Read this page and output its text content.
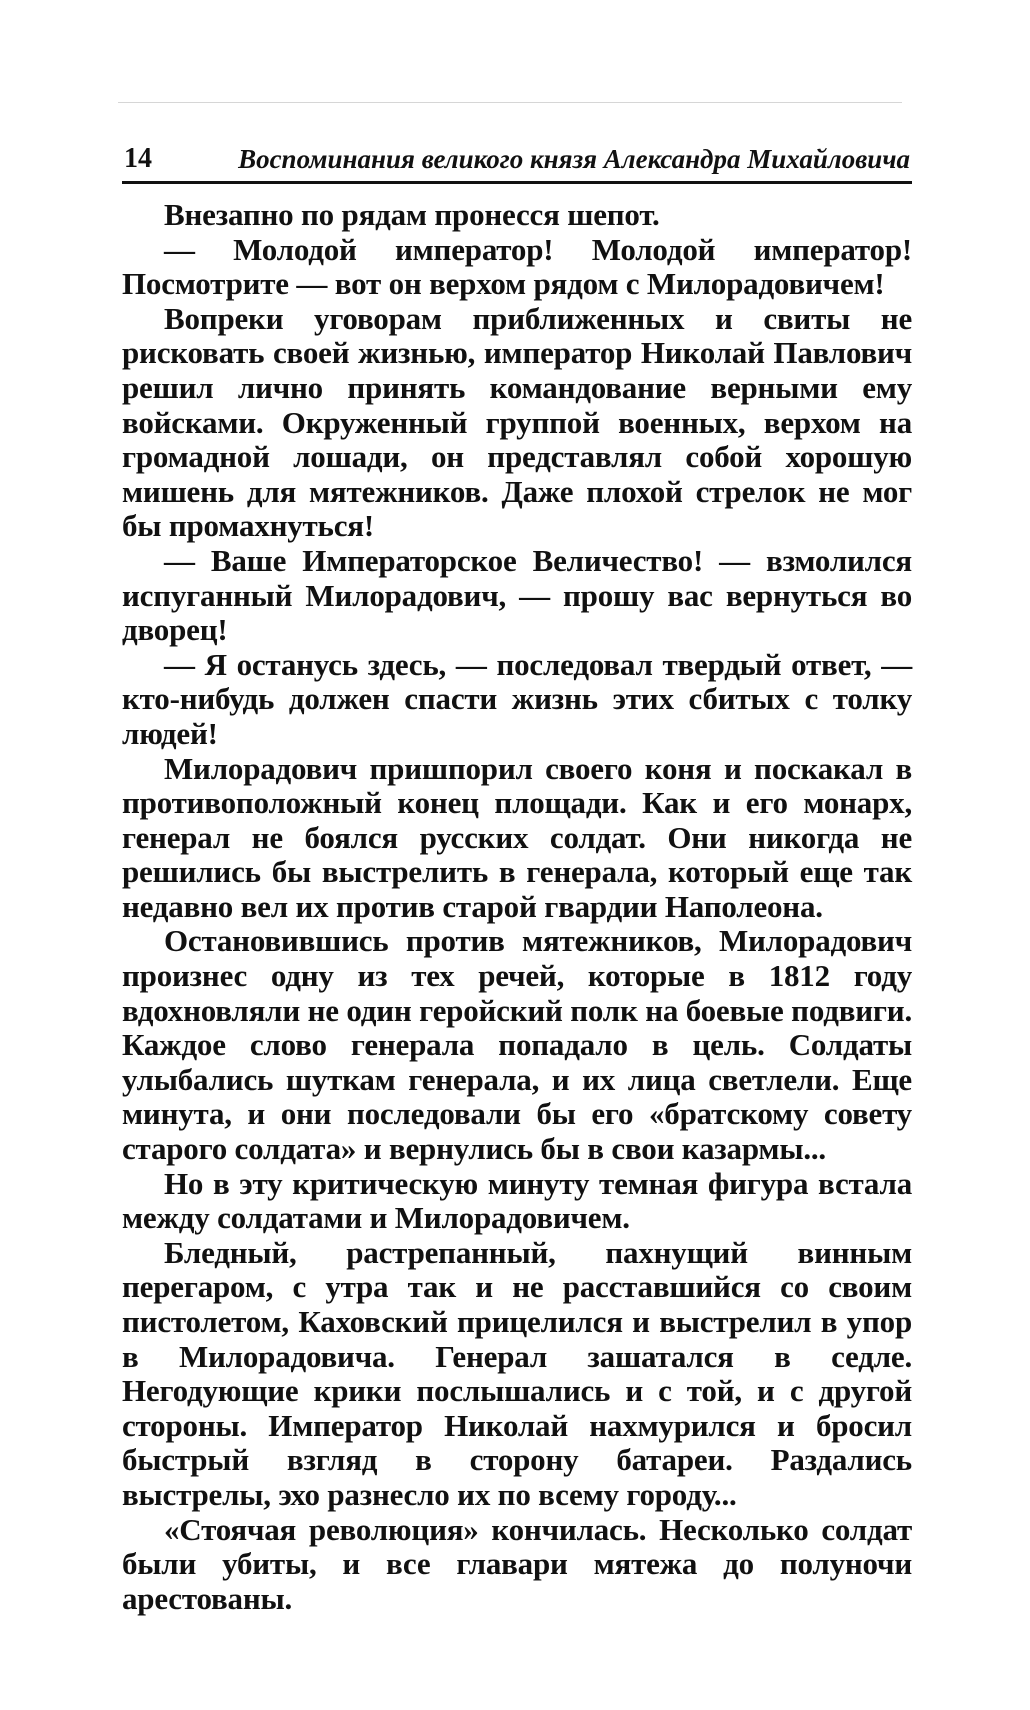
14	Воспоминания великого князя Александра Михайловича

Внезапно по рядам пронесся шепот.

— Молодой император! Молодой император! Посмотрите — вот он верхом рядом с Милорадовичем!

Вопреки уговорам приближенных и свиты не рисковать своей жизнью, император Николай Павлович решил лично принять командование верными ему войсками. Окруженный группой военных, верхом на громадной лошади, он представлял собой хорошую мишень для мятежников. Даже плохой стрелок не мог бы промахнуться!

— Ваше Императорское Величество! — взмолился испуганный Милорадович, — прошу вас вернуться во дворец!

— Я останусь здесь, — последовал твердый ответ, — кто-нибудь должен спасти жизнь этих сбитых с толку людей!

Милорадович пришпорил своего коня и поскакал в противоположный конец площади. Как и его монарх, генерал не боялся русских солдат. Они никогда не решились бы выстрелить в генерала, который еще так недавно вел их против старой гвардии Наполеона.

Остановившись против мятежников, Милорадович произнес одну из тех речей, которые в 1812 году вдохновляли не один геройский полк на боевые подвиги. Каждое слово генерала попадало в цель. Солдаты улыбались шуткам генерала, и их лица светлели. Еще минута, и они последовали бы его «братскому совету старого солдата» и вернулись бы в свои казармы...

Но в эту критическую минуту темная фигура встала между солдатами и Милорадовичем.

Бледный, растрепанный, пахнущий винным перегаром, с утра так и не расставшийся со своим пистолетом, Каховский прицелился и выстрелил в упор в Милорадовича. Генерал зашатался в седле. Негодующие крики послышались и с той, и с другой стороны. Император Николай нахмурился и бросил быстрый взгляд в сторону батареи. Раздались выстрелы, эхо разнесло их по всему городу...

«Стоячая революция» кончилась. Несколько солдат были убиты, и все главари мятежа до полуночи арестованы.
